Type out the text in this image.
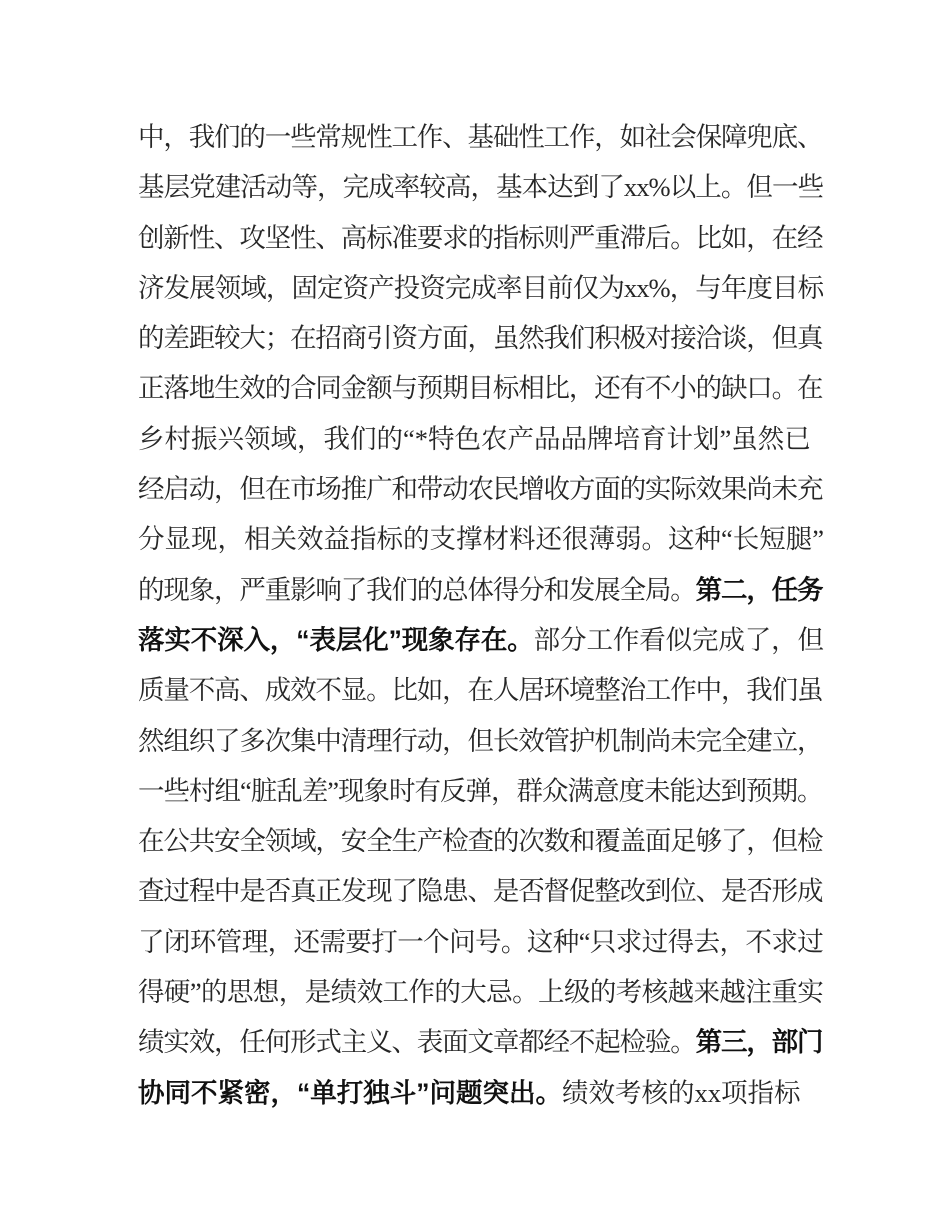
中，我们的一些常规性工作、基础性工作，如社会保障兜底、
基层党建活动等，完成率较高，基本达到了xx%以上。但一些
创新性、攻坚性、高标准要求的指标则严重滞后。比如，在经
济发展领域，固定资产投资完成率目前仅为xx%，与年度目标
的差距较大；在招商引资方面，虽然我们积极对接洽谈，但真
正落地生效的合同金额与预期目标相比，还有不小的缺口。在
乡村振兴领域，我们的“*特色农产品品牌培育计划”虽然已
经启动，但在市场推广和带动农民增收方面的实际效果尚未充
分显现，相关效益指标的支撑材料还很薄弱。这种“长短腿”
的现象，严重影响了我们的总体得分和发展全局。第二，任务
落实不深入，“表层化”现象存在。部分工作看似完成了，但
质量不高、成效不显。比如，在人居环境整治工作中，我们虽
然组织了多次集中清理行动，但长效管护机制尚未完全建立，
一些村组“脏乱差”现象时有反弹，群众满意度未能达到预期。
在公共安全领域，安全生产检查的次数和覆盖面足够了，但检
查过程中是否真正发现了隐患、是否督促整改到位、是否形成
了闭环管理，还需要打一个问号。这种“只求过得去，不求过
得硬”的思想，是绩效工作的大忌。上级的考核越来越注重实
绩实效，任何形式主义、表面文章都经不起检验。第三，部门
协同不紧密，“单打独斗”问题突出。绩效考核的xx项指标
